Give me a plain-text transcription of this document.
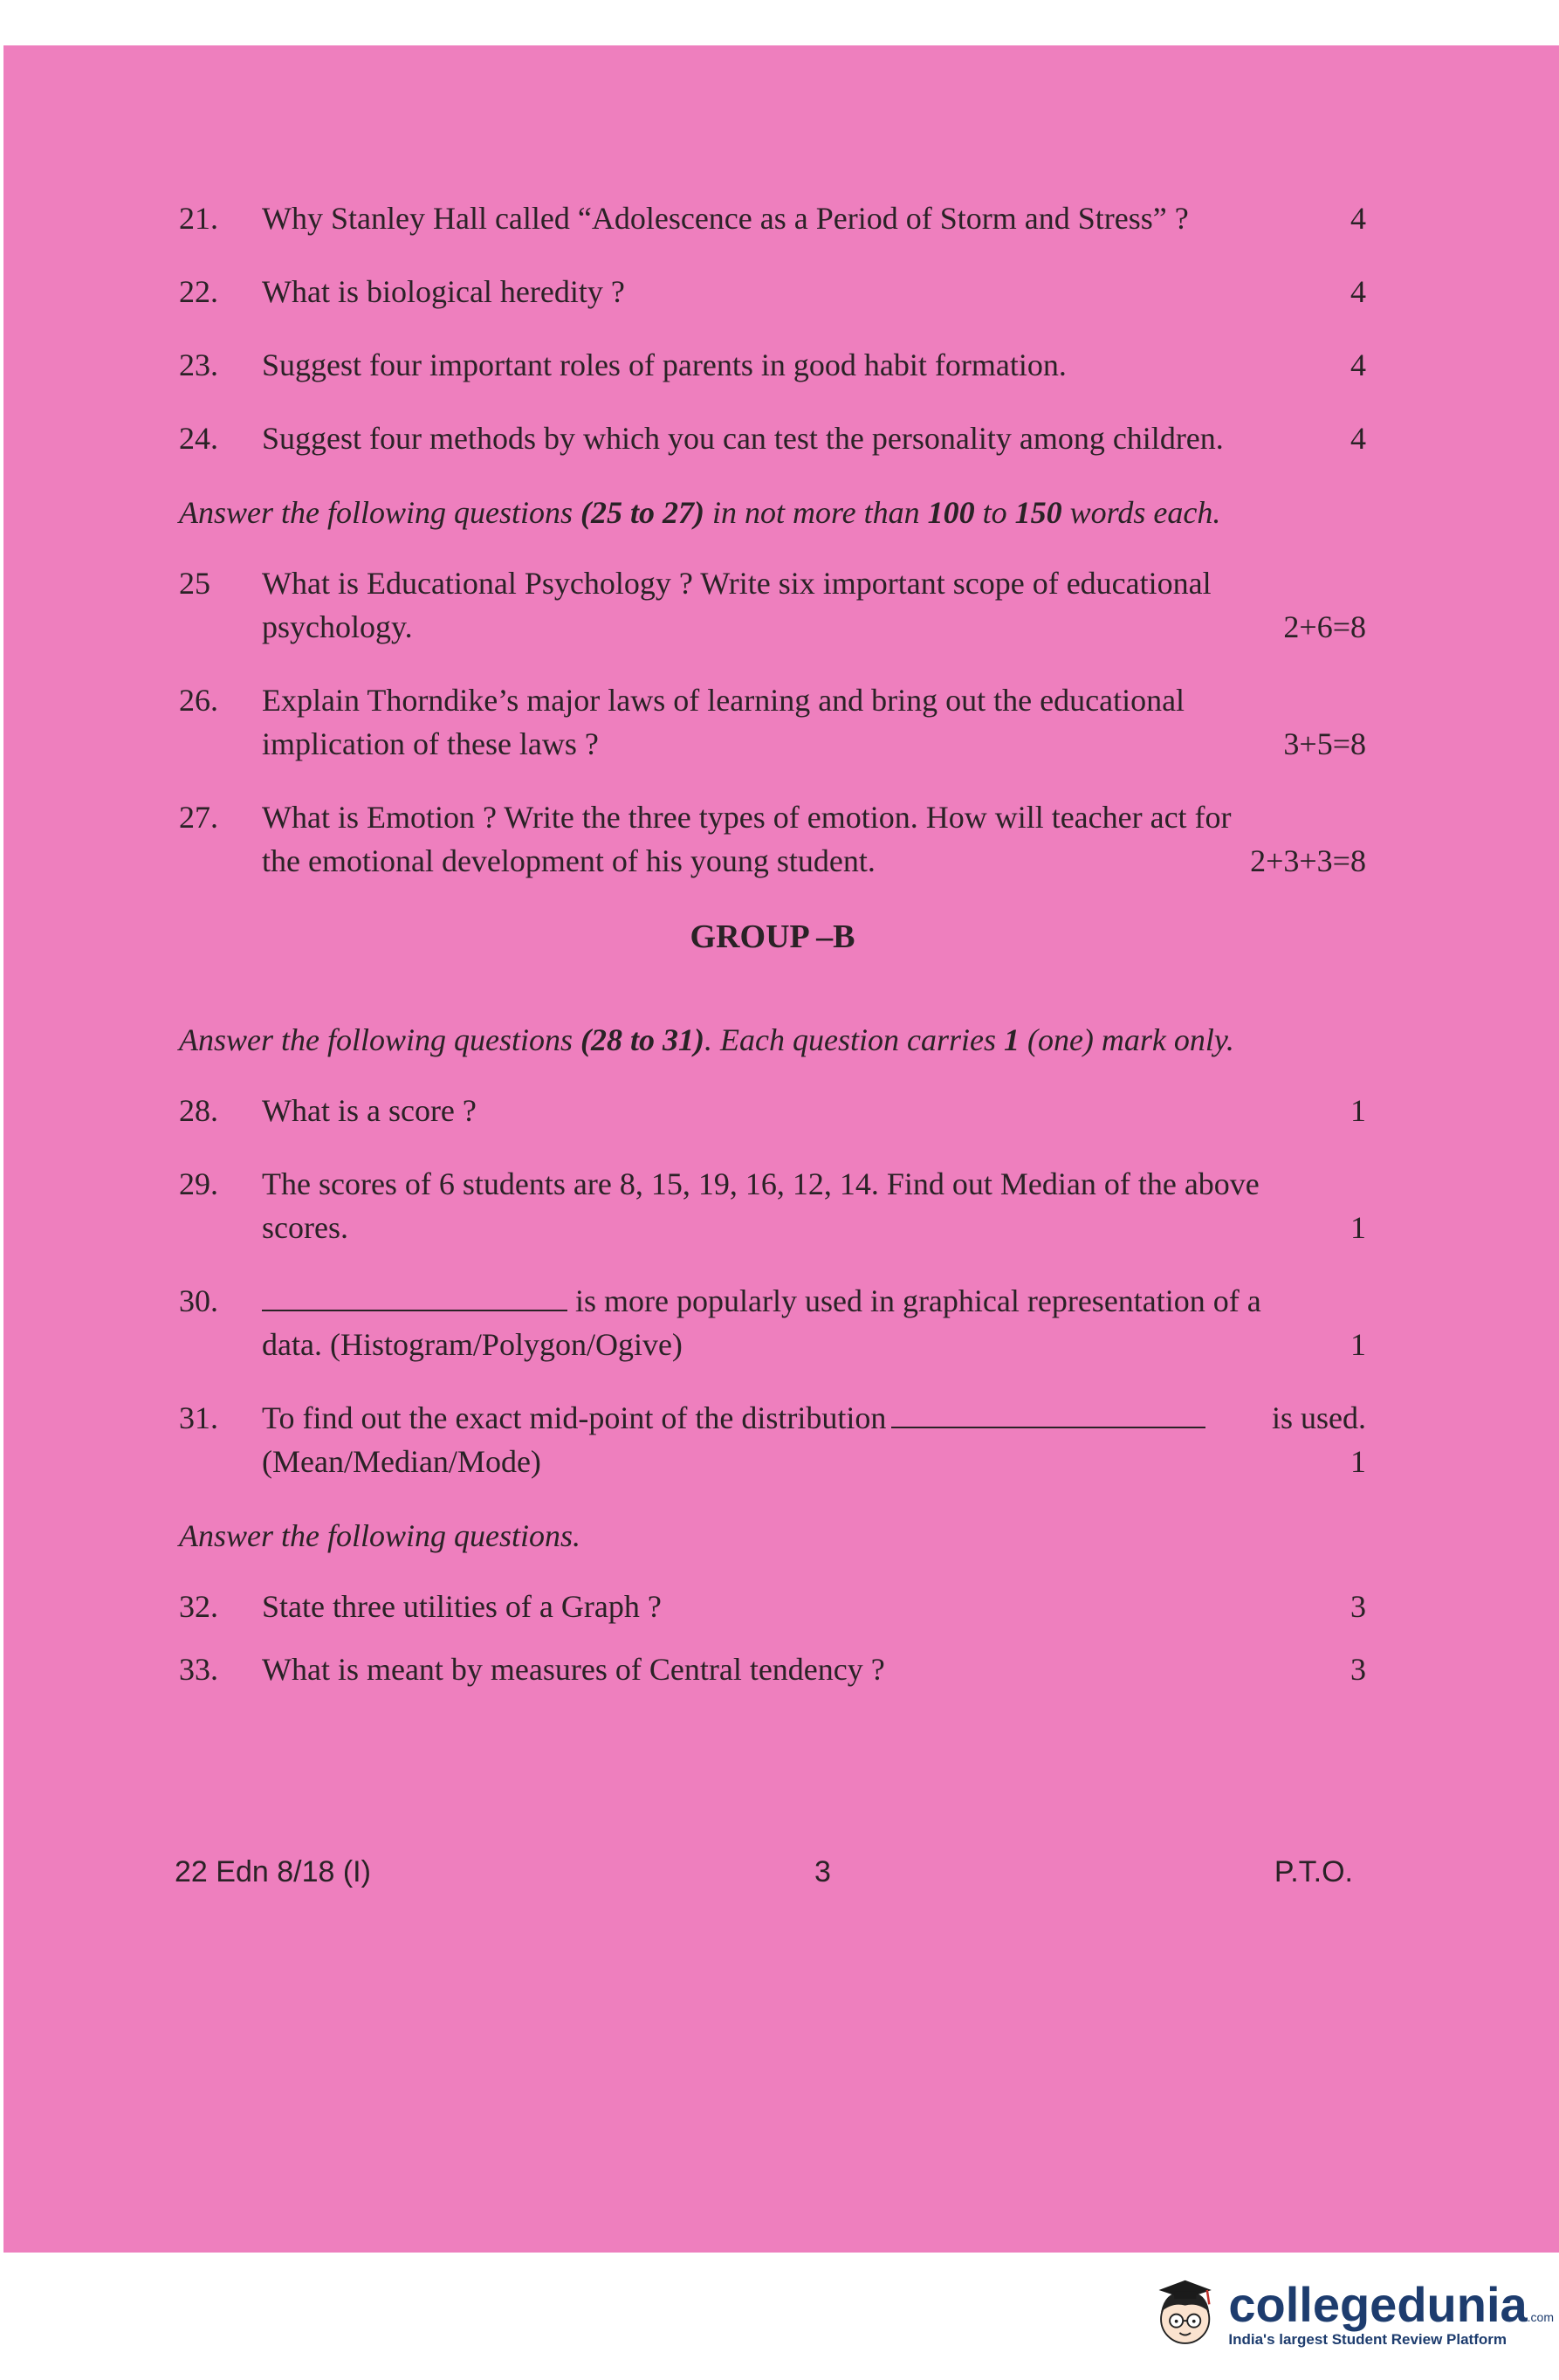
21.	Why Stanley Hall called “Adolescence as a Period of Storm and Stress” ?	4
22.	What is biological heredity ?	4
23.	Suggest four important roles of parents in good habit formation.	4
24.	Suggest four methods by which you can test the personality among children.	4
Answer the following questions (25 to 27) in not more than 100 to 150 words each.
25	What is Educational Psychology ? Write six important scope of educational
psychology.	2+6=8
26.	Explain Thorndike’s major laws of learning and bring out the educational
implication of these laws ?	3+5=8
27.	What is Emotion ? Write the three types of emotion. How will teacher act for
the emotional development of his young student.	2+3+3=8
GROUP –B
Answer the following questions (28 to 31). Each question carries 1 (one) mark only.
28.	What is a score ?	1
29.	The scores of 6 students are 8, 15, 19, 16, 12, 14. Find out Median of the above
scores.	1
30.	is more popularly used in graphical representation of a
data. (Histogram/Polygon/Ogive)	1
31.	To find out the exact mid-point of the distribution	is used.
(Mean/Median/Mode)	1
Answer the following questions.
32.	State three utilities of a Graph ?	3
33.	What is meant by measures of Central tendency ?	3
22 Edn 8/18 (I)	3	P.T.O.
collegedunia.com
India's largest Student Review Platform
